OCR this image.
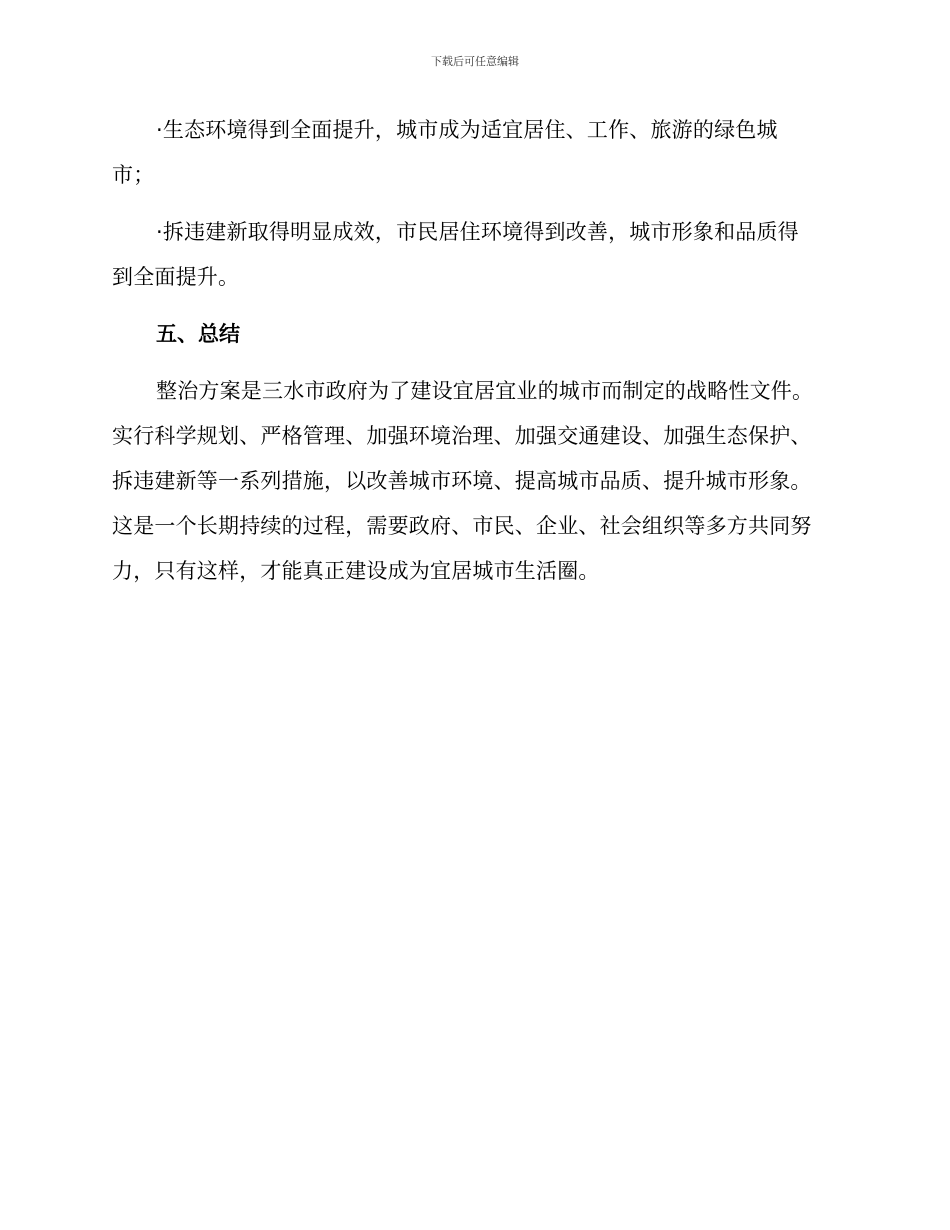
下载后可任意编辑

·生态环境得到全面提升，城市成为适宜居住、工作、旅游的绿色城
市；

·拆违建新取得明显成效，市民居住环境得到改善，城市形象和品质得
到全面提升。

五、总结

整治方案是三水市政府为了建设宜居宜业的城市而制定的战略性文件。
实行科学规划、严格管理、加强环境治理、加强交通建设、加强生态保护、
拆违建新等一系列措施，以改善城市环境、提高城市品质、提升城市形象。
这是一个长期持续的过程，需要政府、市民、企业、社会组织等多方共同努
力，只有这样，才能真正建设成为宜居城市生活圈。
